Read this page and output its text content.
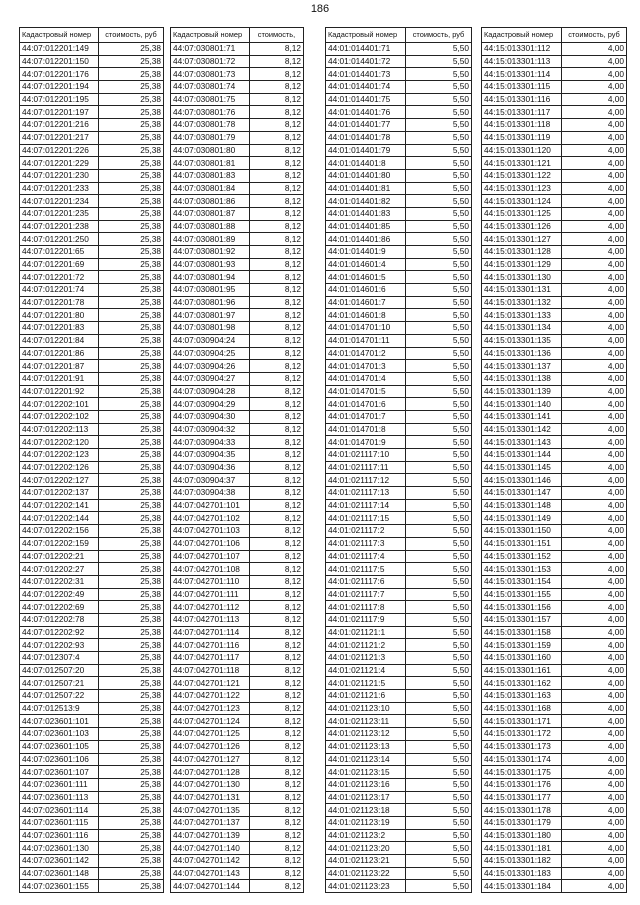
186
Кадастровый номер	стоимость, руб
44:07:012201:149	25,38
44:07:012201:150	25,38
44:07:012201:176	25,38
44:07:012201:194	25,38
44:07:012201:195	25,38
44:07:012201:197	25,38
44:07:012201:216	25,38
44:07:012201:217	25,38
44:07:012201:226	25,38
44:07:012201:229	25,38
44:07:012201:230	25,38
44:07:012201:233	25,38
44:07:012201:234	25,38
44:07:012201:235	25,38
44:07:012201:238	25,38
44:07:012201:250	25,38
44:07:012201:65	25,38
44:07:012201:69	25,38
44:07:012201:72	25,38
44:07:012201:74	25,38
44:07:012201:78	25,38
44:07:012201:80	25,38
44:07:012201:83	25,38
44:07:012201:84	25,38
44:07:012201:86	25,38
44:07:012201:87	25,38
44:07:012201:91	25,38
44:07:012201:92	25,38
44:07:012202:101	25,38
44:07:012202:102	25,38
44:07:012202:113	25,38
44:07:012202:120	25,38
44:07:012202:123	25,38
44:07:012202:126	25,38
44:07:012202:127	25,38
44:07:012202:137	25,38
44:07:012202:141	25,38
44:07:012202:144	25,38
44:07:012202:156	25,38
44:07:012202:159	25,38
44:07:012202:21	25,38
44:07:012202:27	25,38
44:07:012202:31	25,38
44:07:012202:49	25,38
44:07:012202:69	25,38
44:07:012202:78	25,38
44:07:012202:92	25,38
44:07:012202:93	25,38
44:07:012307:4	25,38
44:07:012507:20	25,38
44:07:012507:21	25,38
44:07:012507:22	25,38
44:07:012513:9	25,38
44:07:023601:101	25,38
44:07:023601:103	25,38
44:07:023601:105	25,38
44:07:023601:106	25,38
44:07:023601:107	25,38
44:07:023601:111	25,38
44:07:023601:113	25,38
44:07:023601:114	25,38
44:07:023601:115	25,38
44:07:023601:116	25,38
44:07:023601:130	25,38
44:07:023601:142	25,38
44:07:023601:148	25,38
44:07:023601:155	25,38
Кадастровый номер	стоимость,
44:07:030801:71	8,12
44:07:030801:72	8,12
44:07:030801:73	8,12
44:07:030801:74	8,12
44:07:030801:75	8,12
44:07:030801:76	8,12
44:07:030801:78	8,12
44:07:030801:79	8,12
44:07:030801:80	8,12
44:07:030801:81	8,12
44:07:030801:83	8,12
44:07:030801:84	8,12
44:07:030801:86	8,12
44:07:030801:87	8,12
44:07:030801:88	8,12
44:07:030801:89	8,12
44:07:030801:92	8,12
44:07:030801:93	8,12
44:07:030801:94	8,12
44:07:030801:95	8,12
44:07:030801:96	8,12
44:07:030801:97	8,12
44:07:030801:98	8,12
44:07:030904:24	8,12
44:07:030904:25	8,12
44:07:030904:26	8,12
44:07:030904:27	8,12
44:07:030904:28	8,12
44:07:030904:29	8,12
44:07:030904:30	8,12
44:07:030904:32	8,12
44:07:030904:33	8,12
44:07:030904:35	8,12
44:07:030904:36	8,12
44:07:030904:37	8,12
44:07:030904:38	8,12
44:07:042701:101	8,12
44:07:042701:102	8,12
44:07:042701:103	8,12
44:07:042701:106	8,12
44:07:042701:107	8,12
44:07:042701:108	8,12
44:07:042701:110	8,12
44:07:042701:111	8,12
44:07:042701:112	8,12
44:07:042701:113	8,12
44:07:042701:114	8,12
44:07:042701:116	8,12
44:07:042701:117	8,12
44:07:042701:118	8,12
44:07:042701:121	8,12
44:07:042701:122	8,12
44:07:042701:123	8,12
44:07:042701:124	8,12
44:07:042701:125	8,12
44:07:042701:126	8,12
44:07:042701:127	8,12
44:07:042701:128	8,12
44:07:042701:130	8,12
44:07:042701:131	8,12
44:07:042701:135	8,12
44:07:042701:137	8,12
44:07:042701:139	8,12
44:07:042701:140	8,12
44:07:042701:142	8,12
44:07:042701:143	8,12
44:07:042701:144	8,12
Кадастровый номер	стоимость, руб
44:01:014401:71	5,50
44:01:014401:72	5,50
44:01:014401:73	5,50
44:01:014401:74	5,50
44:01:014401:75	5,50
44:01:014401:76	5,50
44:01:014401:77	5,50
44:01:014401:78	5,50
44:01:014401:79	5,50
44:01:014401:8	5,50
44:01:014401:80	5,50
44:01:014401:81	5,50
44:01:014401:82	5,50
44:01:014401:83	5,50
44:01:014401:85	5,50
44:01:014401:86	5,50
44:01:014401:9	5,50
44:01:014601:4	5,50
44:01:014601:5	5,50
44:01:014601:6	5,50
44:01:014601:7	5,50
44:01:014601:8	5,50
44:01:014701:10	5,50
44:01:014701:11	5,50
44:01:014701:2	5,50
44:01:014701:3	5,50
44:01:014701:4	5,50
44:01:014701:5	5,50
44:01:014701:6	5,50
44:01:014701:7	5,50
44:01:014701:8	5,50
44:01:014701:9	5,50
44:01:021117:10	5,50
44:01:021117:11	5,50
44:01:021117:12	5,50
44:01:021117:13	5,50
44:01:021117:14	5,50
44:01:021117:15	5,50
44:01:021117:2	5,50
44:01:021117:3	5,50
44:01:021117:4	5,50
44:01:021117:5	5,50
44:01:021117:6	5,50
44:01:021117:7	5,50
44:01:021117:8	5,50
44:01:021117:9	5,50
44:01:021121:1	5,50
44:01:021121:2	5,50
44:01:021121:3	5,50
44:01:021121:4	5,50
44:01:021121:5	5,50
44:01:021121:6	5,50
44:01:021123:10	5,50
44:01:021123:11	5,50
44:01:021123:12	5,50
44:01:021123:13	5,50
44:01:021123:14	5,50
44:01:021123:15	5,50
44:01:021123:16	5,50
44:01:021123:17	5,50
44:01:021123:18	5,50
44:01:021123:19	5,50
44:01:021123:2	5,50
44:01:021123:20	5,50
44:01:021123:21	5,50
44:01:021123:22	5,50
44:01:021123:23	5,50
Кадастровый номер	стоимость, руб
44:15:013301:112	4,00
44:15:013301:113	4,00
44:15:013301:114	4,00
44:15:013301:115	4,00
44:15:013301:116	4,00
44:15:013301:117	4,00
44:15:013301:118	4,00
44:15:013301:119	4,00
44:15:013301:120	4,00
44:15:013301:121	4,00
44:15:013301:122	4,00
44:15:013301:123	4,00
44:15:013301:124	4,00
44:15:013301:125	4,00
44:15:013301:126	4,00
44:15:013301:127	4,00
44:15:013301:128	4,00
44:15:013301:129	4,00
44:15:013301:130	4,00
44:15:013301:131	4,00
44:15:013301:132	4,00
44:15:013301:133	4,00
44:15:013301:134	4,00
44:15:013301:135	4,00
44:15:013301:136	4,00
44:15:013301:137	4,00
44:15:013301:138	4,00
44:15:013301:139	4,00
44:15:013301:140	4,00
44:15:013301:141	4,00
44:15:013301:142	4,00
44:15:013301:143	4,00
44:15:013301:144	4,00
44:15:013301:145	4,00
44:15:013301:146	4,00
44:15:013301:147	4,00
44:15:013301:148	4,00
44:15:013301:149	4,00
44:15:013301:150	4,00
44:15:013301:151	4,00
44:15:013301:152	4,00
44:15:013301:153	4,00
44:15:013301:154	4,00
44:15:013301:155	4,00
44:15:013301:156	4,00
44:15:013301:157	4,00
44:15:013301:158	4,00
44:15:013301:159	4,00
44:15:013301:160	4,00
44:15:013301:161	4,00
44:15:013301:162	4,00
44:15:013301:163	4,00
44:15:013301:168	4,00
44:15:013301:171	4,00
44:15:013301:172	4,00
44:15:013301:173	4,00
44:15:013301:174	4,00
44:15:013301:175	4,00
44:15:013301:176	4,00
44:15:013301:177	4,00
44:15:013301:178	4,00
44:15:013301:179	4,00
44:15:013301:180	4,00
44:15:013301:181	4,00
44:15:013301:182	4,00
44:15:013301:183	4,00
44:15:013301:184	4,00
